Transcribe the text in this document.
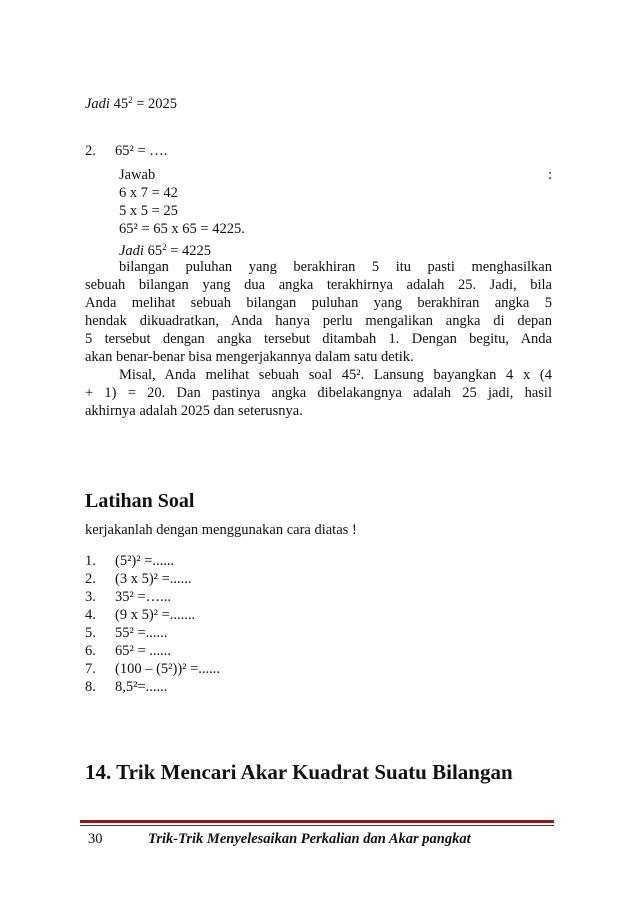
Jadi $45^2 = 2025$
2. 65² = ….
Jawab	:
6 x 7 = 42
5 x 5 = 25
65² = 65 x 65 = 4225.
Jadi $65^2 = 4225$
bilangan puluhan yang berakhiran 5 itu pasti menghasilkan
sebuah bilangan yang dua angka terakhirnya adalah 25. Jadi, bila
Anda melihat sebuah bilangan puluhan yang berakhiran angka 5
hendak dikuadratkan, Anda hanya perlu mengalikan angka di depan
5 tersebut dengan angka tersebut ditambah 1. Dengan begitu, Anda
akan benar-benar bisa mengerjakannya dalam satu detik.
Misal, Anda melihat sebuah soal 45². Lansung bayangkan 4 x (4
+ 1) = 20. Dan pastinya angka dibelakangnya adalah 25 jadi, hasil
akhirnya adalah 2025 dan seterusnya.
Latihan Soal
kerjakanlah dengan menggunakan cara diatas !
1. (5²)² =......
2. (3 x 5)² =......
3. 35² =…...
4. (9 x 5)² =.......
5. 55² =......
6. 65² = ......
7. (100 – (5²))² =......
8. 8,5²=......
14. Trik Mencari Akar Kuadrat Suatu Bilangan
30	Trik-Trik Menyelesaikan Perkalian dan Akar pangkat
